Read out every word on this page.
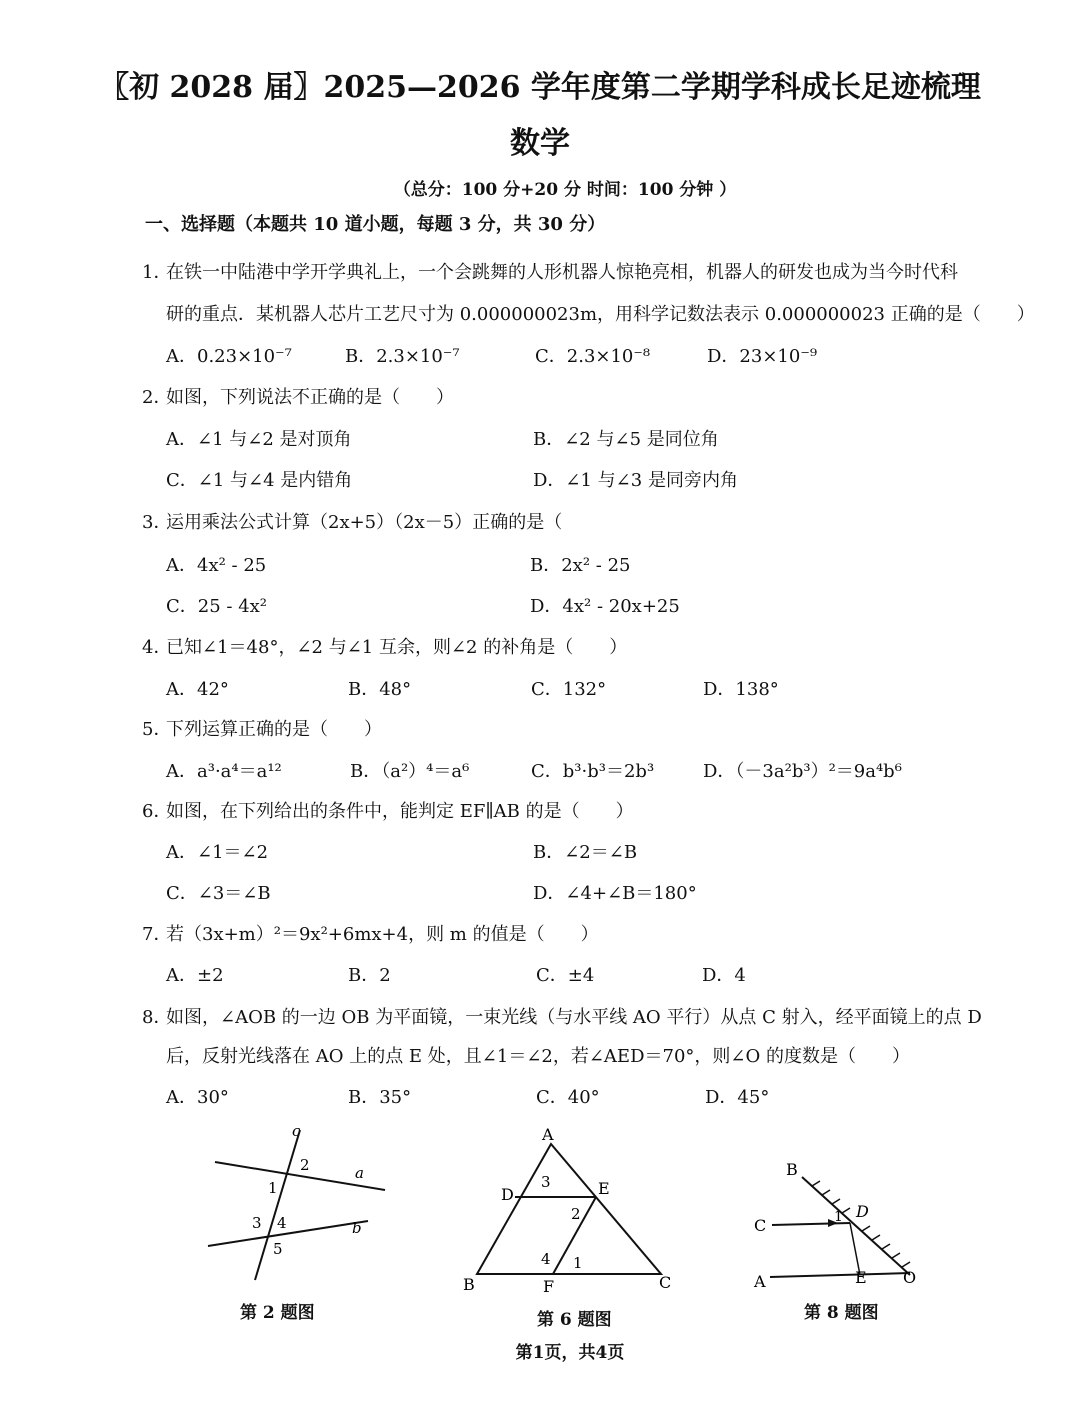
〖初 2028 届〗2025—2026 学年度第二学期学科成长足迹梳理
数学
（总分：100 分+20 分 时间：100 分钟 ）
一、选择题（本题共 10 道小题，每题 3 分，共 30 分）
1．
在铁一中陆港中学开学典礼上，一个会跳舞的人形机器人惊艳亮相，机器人的研发也成为当今时代科
研的重点．某机器人芯片工艺尺寸为 0.000000023m，用科学记数法表示 0.000000023 正确的是（　　）
A．0.23×10⁻⁷	B．2.3×10⁻⁷	C．2.3×10⁻⁸	D．23×10⁻⁹
2．
如图，下列说法不正确的是（　　）
A．∠1 与∠2 是对顶角	B．∠2 与∠5 是同位角
C．∠1 与∠4 是内错角	D．∠1 与∠3 是同旁内角
3．
运用乘法公式计算（2x+5）（2x－5）正确的是（
A．4x² - 25	B．2x² - 25
C．25 - 4x²	D．4x² - 20x+25
4．
已知∠1＝48°，∠2 与∠1 互余，则∠2 的补角是（　　）
A．42°	B．48°	C．132°	D．138°
5．
下列运算正确的是（　　）
A．a³·a⁴＝a¹²	B．（a²）⁴＝a⁶	C．b³·b³＝2b³	D．（－3a²b³）²＝9a⁴b⁶
6．
如图，在下列给出的条件中，能判定 EF∥AB 的是（　　）
A．∠1＝∠2	B．∠2＝∠B
C．∠3＝∠B	D．∠4+∠B＝180°
7．
若（3x+m）²＝9x²+6mx+4，则 m 的值是（　　）
A．±2	B．2	C．±4	D．4
8．
如图，∠AOB 的一边 OB 为平面镜，一束光线（与水平线 AO 平行）从点 C 射入，经平面镜上的点 D
后，反射光线落在 AO 上的点 E 处，且∠1＝∠2，若∠AED＝70°，则∠O 的度数是（　　）
A．30°	B．35°	C．40°	D．45°
c
2	a
1
3 4
5
b
第 2 题图
A
3
D	E
2
4 1
B	F	C
第 6 题图
B
1 D
C
A	E O
第 8 题图
第1页，共4页
